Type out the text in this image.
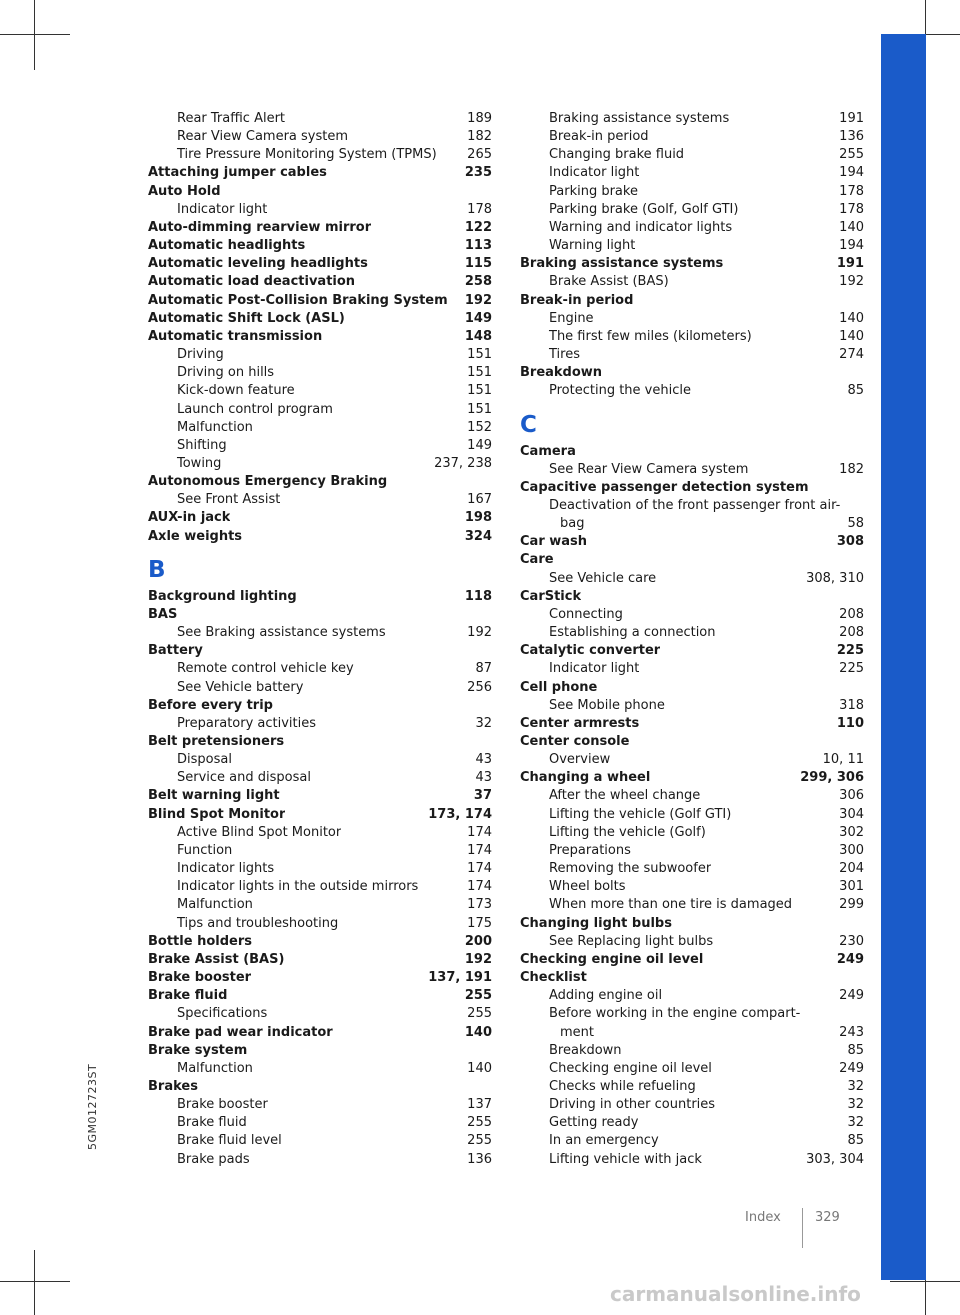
Rear Traffic Alert	189
Rear View Camera system	182
Tire Pressure Monitoring System (TPMS) 265
Attaching jumper cables	235
Auto Hold
Indicator light	178
Auto-dimming rearview mirror	122
Automatic headlights	113
Automatic leveling headlights	115
Automatic load deactivation	258
Automatic Post-Collision Braking System 192
Automatic Shift Lock (ASL)	149
Automatic transmission	148
Driving	151
Driving on hills	151
Kick-down feature	151
Launch control program	151
Malfunction	152
Shifting	149
Towing	237, 238
Autonomous Emergency Braking
See Front Assist	167
AUX-in jack	198
Axle weights	324
B
Background lighting	118
BAS
See Braking assistance systems	192
Battery
Remote control vehicle key	87
See Vehicle battery	256
Before every trip
Preparatory activities	32
Belt pretensioners
Disposal	43
Service and disposal	43
Belt warning light	37
Blind Spot Monitor	173, 174
Active Blind Spot Monitor	174
Function	174
Indicator lights	174
Indicator lights in the outside mirrors	174
Malfunction	173
Tips and troubleshooting	175
Bottle holders	200
Brake Assist (BAS)	192
Brake booster	137, 191
Brake fluid	255
Specifications	255
Brake pad wear indicator	140
Brake system
Malfunction	140
Brakes
Brake booster	137
Brake fluid	255
Brake fluid level	255
Brake pads	136
Braking assistance systems	191
Break-in period	136
Changing brake fluid	255
Indicator light	194
Parking brake	178
Parking brake (Golf, Golf GTI)	178
Warning and indicator lights	140
Warning light	194
Braking assistance systems	191
Brake Assist (BAS)	192
Break-in period
Engine	140
The first few miles (kilometers)	140
Tires	274
Breakdown
Protecting the vehicle	85
C
Camera
See Rear View Camera system	182
Capacitive passenger detection system
Deactivation of the front passenger front air-
bag	58
Car wash	308
Care
See Vehicle care	308, 310
CarStick
Connecting	208
Establishing a connection	208
Catalytic converter	225
Indicator light	225
Cell phone
See Mobile phone	318
Center armrests	110
Center console
Overview	10, 11
Changing a wheel	299, 306
After the wheel change	306
Lifting the vehicle (Golf GTI)	304
Lifting the vehicle (Golf)	302
Preparations	300
Removing the subwoofer	204
Wheel bolts	301
When more than one tire is damaged	299
Changing light bulbs
See Replacing light bulbs	230
Checking engine oil level	249
Checklist
Adding engine oil	249
Before working in the engine compart-
ment	243
Breakdown	85
Checking engine oil level	249
Checks while refueling	32
Driving in other countries	32
Getting ready	32
In an emergency	85
Lifting vehicle with jack	303, 304
5GM012723ST
Index	329
carmanualsonline.info
